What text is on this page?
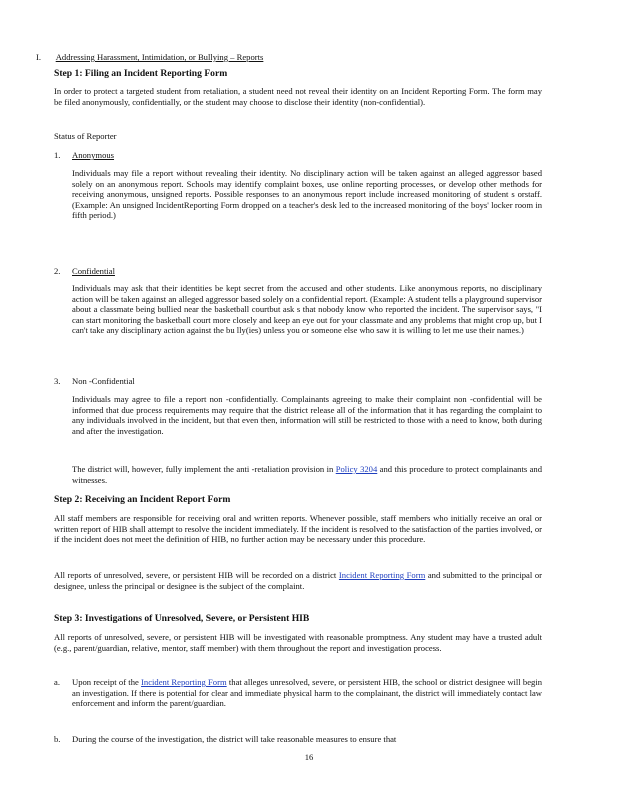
I. Addressing Harassment, Intimidation, or Bullying – Reports
Step 1: Filing an Incident Reporting Form
In order to protect a targeted student from retaliation, a student need not reveal their identity on an Incident Reporting Form. The form may be filed anonymously, confidentially, or the student may choose to disclose their identity (non-confidential).
Status of Reporter
1. Anonymous
Individuals may file a report without revealing their identity. No disciplinary action will be taken against an alleged aggressor based solely on an anonymous report. Schools may identify complaint boxes, use online reporting processes, or develop other methods for receiving anonymous, unsigned reports. Possible responses to an anonymous report include increased monitoring of student s orstaff. (Example: An unsigned IncidentReporting Form dropped on a teacher's desk led to the increased monitoring of the boys' locker room in fifth period.)
2. Confidential
Individuals may ask that their identities be kept secret from the accused and other students. Like anonymous reports, no disciplinary action will be taken against an alleged aggressor based solely on a confidential report. (Example: A student tells a playground supervisor about a classmate being bullied near the basketball courtbut ask s that nobody know who reported the incident. The supervisor says, "I can start monitoring the basketball court more closely and keep an eye out for your classmate and any problems that might crop up, but I can't take any disciplinary action against the bu lly(ies) unless you or someone else who saw it is willing to let me use their names.)
3. Non -Confidential
Individuals may agree to file a report non -confidentially. Complainants agreeing to make their complaint non -confidential will be informed that due process requirements may require that the district release all of the information that it has regarding the complaint to any individuals involved in the incident, but that even then, information will still be restricted to those with a need to know, both during and after the investigation.
The district will, however, fully implement the anti -retaliation provision in Policy 3204 and this procedure to protect complainants and witnesses.
Step 2: Receiving an Incident Report Form
All staff members are responsible for receiving oral and written reports. Whenever possible, staff members who initially receive an oral or written report of HIB shall attempt to resolve the incident immediately. If the incident is resolved to the satisfaction of the parties involved, or if the incident does not meet the definition of HIB, no further action may be necessary under this procedure.
All reports of unresolved, severe, or persistent HIB will be recorded on a district Incident Reporting Form and submitted to the principal or designee, unless the principal or designee is the subject of the complaint.
Step 3: Investigations of Unresolved, Severe, or Persistent HIB
All reports of unresolved, severe, or persistent HIB will be investigated with reasonable promptness. Any student may have a trusted adult (e.g., parent/guardian, relative, mentor, staff member) with them throughout the report and investigation process.
a. Upon receipt of the Incident Reporting Form that alleges unresolved, severe, or persistent HIB, the school or district designee will begin an investigation. If there is potential for clear and immediate physical harm to the complainant, the district will immediately contact law enforcement and inform the parent/guardian.
b. During the course of the investigation, the district will take reasonable measures to ensure that
16
